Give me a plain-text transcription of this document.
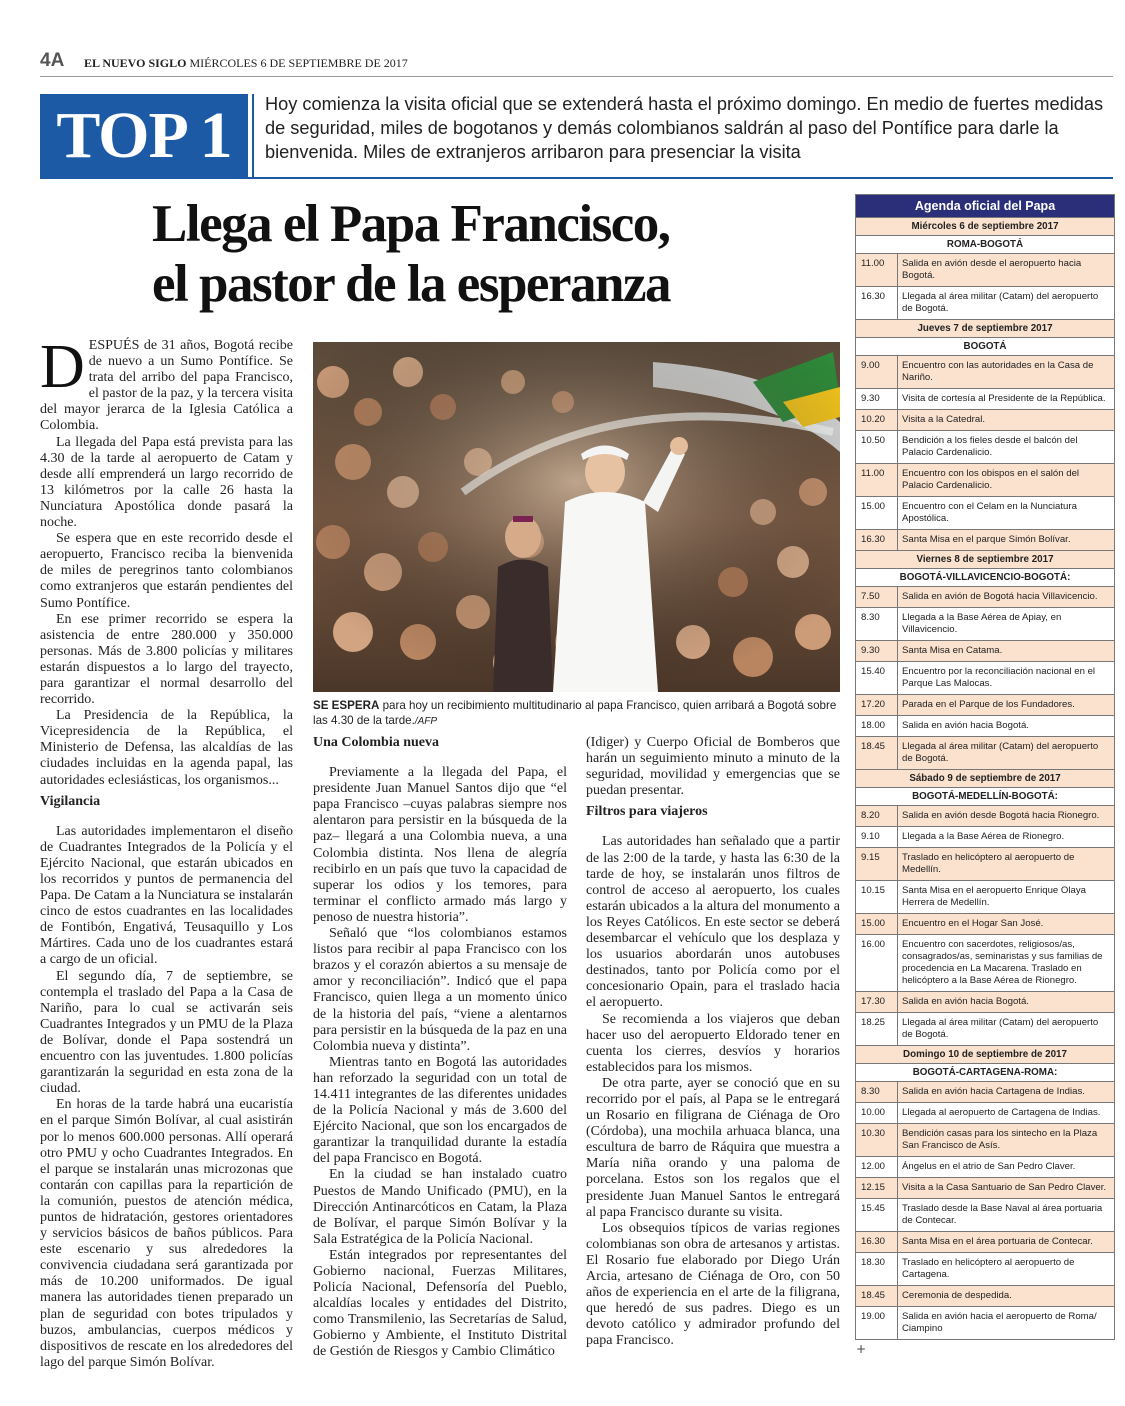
4A EL NUEVO SIGLO MIÉRCOLES 6 DE SEPTIEMBRE DE 2017
TOP 1	Hoy comienza la visita oficial que se extenderá hasta el próximo domingo. En medio de fuertes medidas de seguridad, miles de bogotanos y demás colombianos saldrán al paso del Pontífice para darle la bienvenida. Miles de extranjeros arribaron para presenciar la visita
Llega el Papa Francisco,
el pastor de la esperanza
SE ESPERA para hoy un recibimiento multitudinario al papa Francisco, quien arribará a Bogotá sobre las 4.30 de la tarde./AFP

DESPUÉS de 31 años, Bogotá recibe de nuevo a un Sumo Pontífice. Se trata del arribo del papa Francisco, el pastor de la paz, y la tercera visita del mayor jerarca de la Iglesia Católica a Colombia.

La llegada del Papa está prevista para las 4.30 de la tarde al aeropuerto de Catam y desde allí emprenderá un largo recorrido de 13 kilómetros por la calle 26 hasta la Nunciatura Apostólica donde pasará la noche.

Se espera que en este recorrido desde el aeropuerto, Francisco reciba la bienvenida de miles de peregrinos tanto colombianos como extranjeros que estarán pendientes del Sumo Pontífice.

En ese primer recorrido se espera la asistencia de entre 280.000 y 350.000 personas. Más de 3.800 policías y militares estarán dispuestos a lo largo del trayecto, para garantizar el normal desarrollo del recorrido.

La Presidencia de la República, la Vicepresidencia de la República, el Ministerio de Defensa, las alcaldías de las ciudades incluidas en la agenda papal, las autoridades eclesiásticas, los organismos...

Vigilancia

Las autoridades implementaron el diseño de Cuadrantes Integrados de la Policía y el Ejército Nacional, que estarán ubicados en los recorridos y puntos de permanencia del Papa. De Catam a la Nunciatura se instalarán cinco de estos cuadrantes en las localidades de Fontibón, Engativá, Teusaquillo y Los Mártires. Cada uno de los cuadrantes estará a cargo de un oficial.

El segundo día, 7 de septiembre, se contempla el traslado del Papa a la Casa de Nariño, para lo cual se activarán seis Cuadrantes Integrados y un PMU de la Plaza de Bolívar, donde el Papa sostendrá un encuentro con las juventudes. 1.800 policías garantizarán la seguridad en esta zona de la ciudad.

En horas de la tarde habrá una eucaristía en el parque Simón Bolívar, al cual asistirán por lo menos 600.000 personas. Allí operará otro PMU y ocho Cuadrantes Integrados. En el parque se instalarán unas microzonas que contarán con capillas para la repartición de la comunión, puestos de atención médica, puntos de hidratación, gestores orientadores y servicios básicos de baños públicos. Para este escenario y sus alrededores la convivencia ciudadana será garantizada por más de 10.200 uniformados. De igual manera las autoridades tienen preparado un plan de seguridad con botes tripulados y buzos, ambulancias, cuerpos médicos y dispositivos de rescate en los alrededores del lago del parque Simón Bolívar.

Una Colombia nueva

Previamente a la llegada del Papa, el presidente Juan Manuel Santos dijo que “el papa Francisco –cuyas palabras siempre nos alentaron para persistir en la búsqueda de la paz– llegará a una Colombia nueva, a una Colombia distinta. Nos llena de alegría recibirlo en un país que tuvo la capacidad de superar los odios y los temores, para terminar el conflicto armado más largo y penoso de nuestra historia”.

Señaló que “los colombianos estamos listos para recibir al papa Francisco con los brazos y el corazón abiertos a su mensaje de amor y reconciliación”. Indicó que el papa Francisco, quien llega a un momento único de la historia del país, “viene a alentarnos para persistir en la búsqueda de la paz en una Colombia nueva y distinta”.

Mientras tanto en Bogotá las autoridades han reforzado la seguridad con un total de 14.411 integrantes de las diferentes unidades de la Policía Nacional y más de 3.600 del Ejército Nacional, que son los encargados de garantizar la tranquilidad durante la estadía del papa Francisco en Bogotá.

En la ciudad se han instalado cuatro Puestos de Mando Unificado (PMU), en la Dirección Antinarcóticos en Catam, la Plaza de Bolívar, el parque Simón Bolívar y la Sala Estratégica de la Policía Nacional.

Están integrados por representantes del Gobierno nacional, Fuerzas Militares, Policía Nacional, Defensoría del Pueblo, alcaldías locales y entidades del Distrito, como Transmilenio, las Secretarías de Salud, Gobierno y Ambiente, el Instituto Distrital de Gestión de Riesgos y Cambio Climático

(Idiger) y Cuerpo Oficial de Bomberos que harán un seguimiento minuto a minuto de la seguridad, movilidad y emergencias que se puedan presentar.

Filtros para viajeros

Las autoridades han señalado que a partir de las 2:00 de la tarde, y hasta las 6:30 de la tarde de hoy, se instalarán unos filtros de control de acceso al aeropuerto, los cuales estarán ubicados a la altura del monumento a los Reyes Católicos. En este sector se deberá desembarcar el vehículo que los desplaza y los usuarios abordarán unos autobuses destinados, tanto por Policía como por el concesionario Opain, para el traslado hacia el aeropuerto.

Se recomienda a los viajeros que deban hacer uso del aeropuerto Eldorado tener en cuenta los cierres, desvíos y horarios establecidos para los mismos.

De otra parte, ayer se conoció que en su recorrido por el país, al Papa se le entregará un Rosario en filigrana de Ciénaga de Oro (Córdoba), una mochila arhuaca blanca, una escultura de barro de Ráquira que muestra a María niña orando y una paloma de porcelana. Estos son los regalos que el presidente Juan Manuel Santos le entregará al papa Francisco durante su visita.

Los obsequios típicos de varias regiones colombianas son obra de artesanos y artistas. El Rosario fue elaborado por Diego Urán Arcia, artesano de Ciénaga de Oro, con 50 años de experiencia en el arte de la filigrana, que heredó de sus padres. Diego es un devoto católico y admirador profundo del papa Francisco.

Agenda oficial del Papa
Miércoles 6 de septiembre 2017
ROMA-BOGOTÁ
11.00	Salida en avión desde el aeropuerto hacia Bogotá.
16.30	Llegada al área militar (Catam) del aeropuerto de Bogotá.
Jueves 7 de septiembre 2017
BOGOTÁ
9.00	Encuentro con las autoridades en la Casa de Nariño.
9.30	Visita de cortesía al Presidente de la República.
10.20	Visita a la Catedral.
10.50	Bendición a los fieles desde el balcón del Palacio Cardenalicio.
11.00	Encuentro con los obispos en el salón del Palacio Cardenalicio.
15.00	Encuentro con el Celam en la Nunciatura Apostólica.
16.30	Santa Misa en el parque Simón Bolívar.
Viernes 8 de septiembre 2017
BOGOTÁ-VILLAVICENCIO-BOGOTÁ:
7.50	Salida en avión de Bogotá hacia Villavicencio.
8.30	Llegada a la Base Aérea de Apiay, en Villavicencio.
9.30	Santa Misa en Catama.
15.40	Encuentro por la reconciliación nacional en el Parque Las Malocas.
17.20	Parada en el Parque de los Fundadores.
18.00	Salida en avión hacia Bogotá.
18.45	Llegada al área militar (Catam) del aeropuerto de Bogotá.
Sábado 9 de septiembre de 2017
BOGOTÁ-MEDELLÍN-BOGOTÁ:
8.20	Salida en avión desde Bogotá hacia Rionegro.
9.10	Llegada a la Base Aérea de Rionegro.
9.15	Traslado en helicóptero al aeropuerto de Medellín.
10.15	Santa Misa en el aeropuerto Enrique Olaya Herrera de Medellín.
15.00	Encuentro en el Hogar San José.
16.00	Encuentro con sacerdotes, religiosos/as, consagrados/as, seminaristas y sus familias de procedencia en La Macarena. Traslado en helicóptero a la Base Aérea de Rionegro.
17.30	Salida en avión hacia Bogotá.
18.25	Llegada al área militar (Catam) del aeropuerto de Bogotá.
Domingo 10 de septiembre de 2017
BOGOTÁ-CARTAGENA-ROMA:
8.30	Salida en avión hacia Cartagena de Indias.
10.00	Llegada al aeropuerto de Cartagena de Indias.
10.30	Bendición casas para los sintecho en la Plaza San Francisco de Asís.
12.00	Ángelus en el atrio de San Pedro Claver.
12.15	Visita a la Casa Santuario de San Pedro Claver.
15.45	Traslado desde la Base Naval al área portuaria de Contecar.
16.30	Santa Misa en el área portuaria de Contecar.
18.30	Traslado en helicóptero al aeropuerto de Cartagena.
18.45	Ceremonia de despedida.
19.00	Salida en avión hacia el aeropuerto de Roma/ Ciampino
+
